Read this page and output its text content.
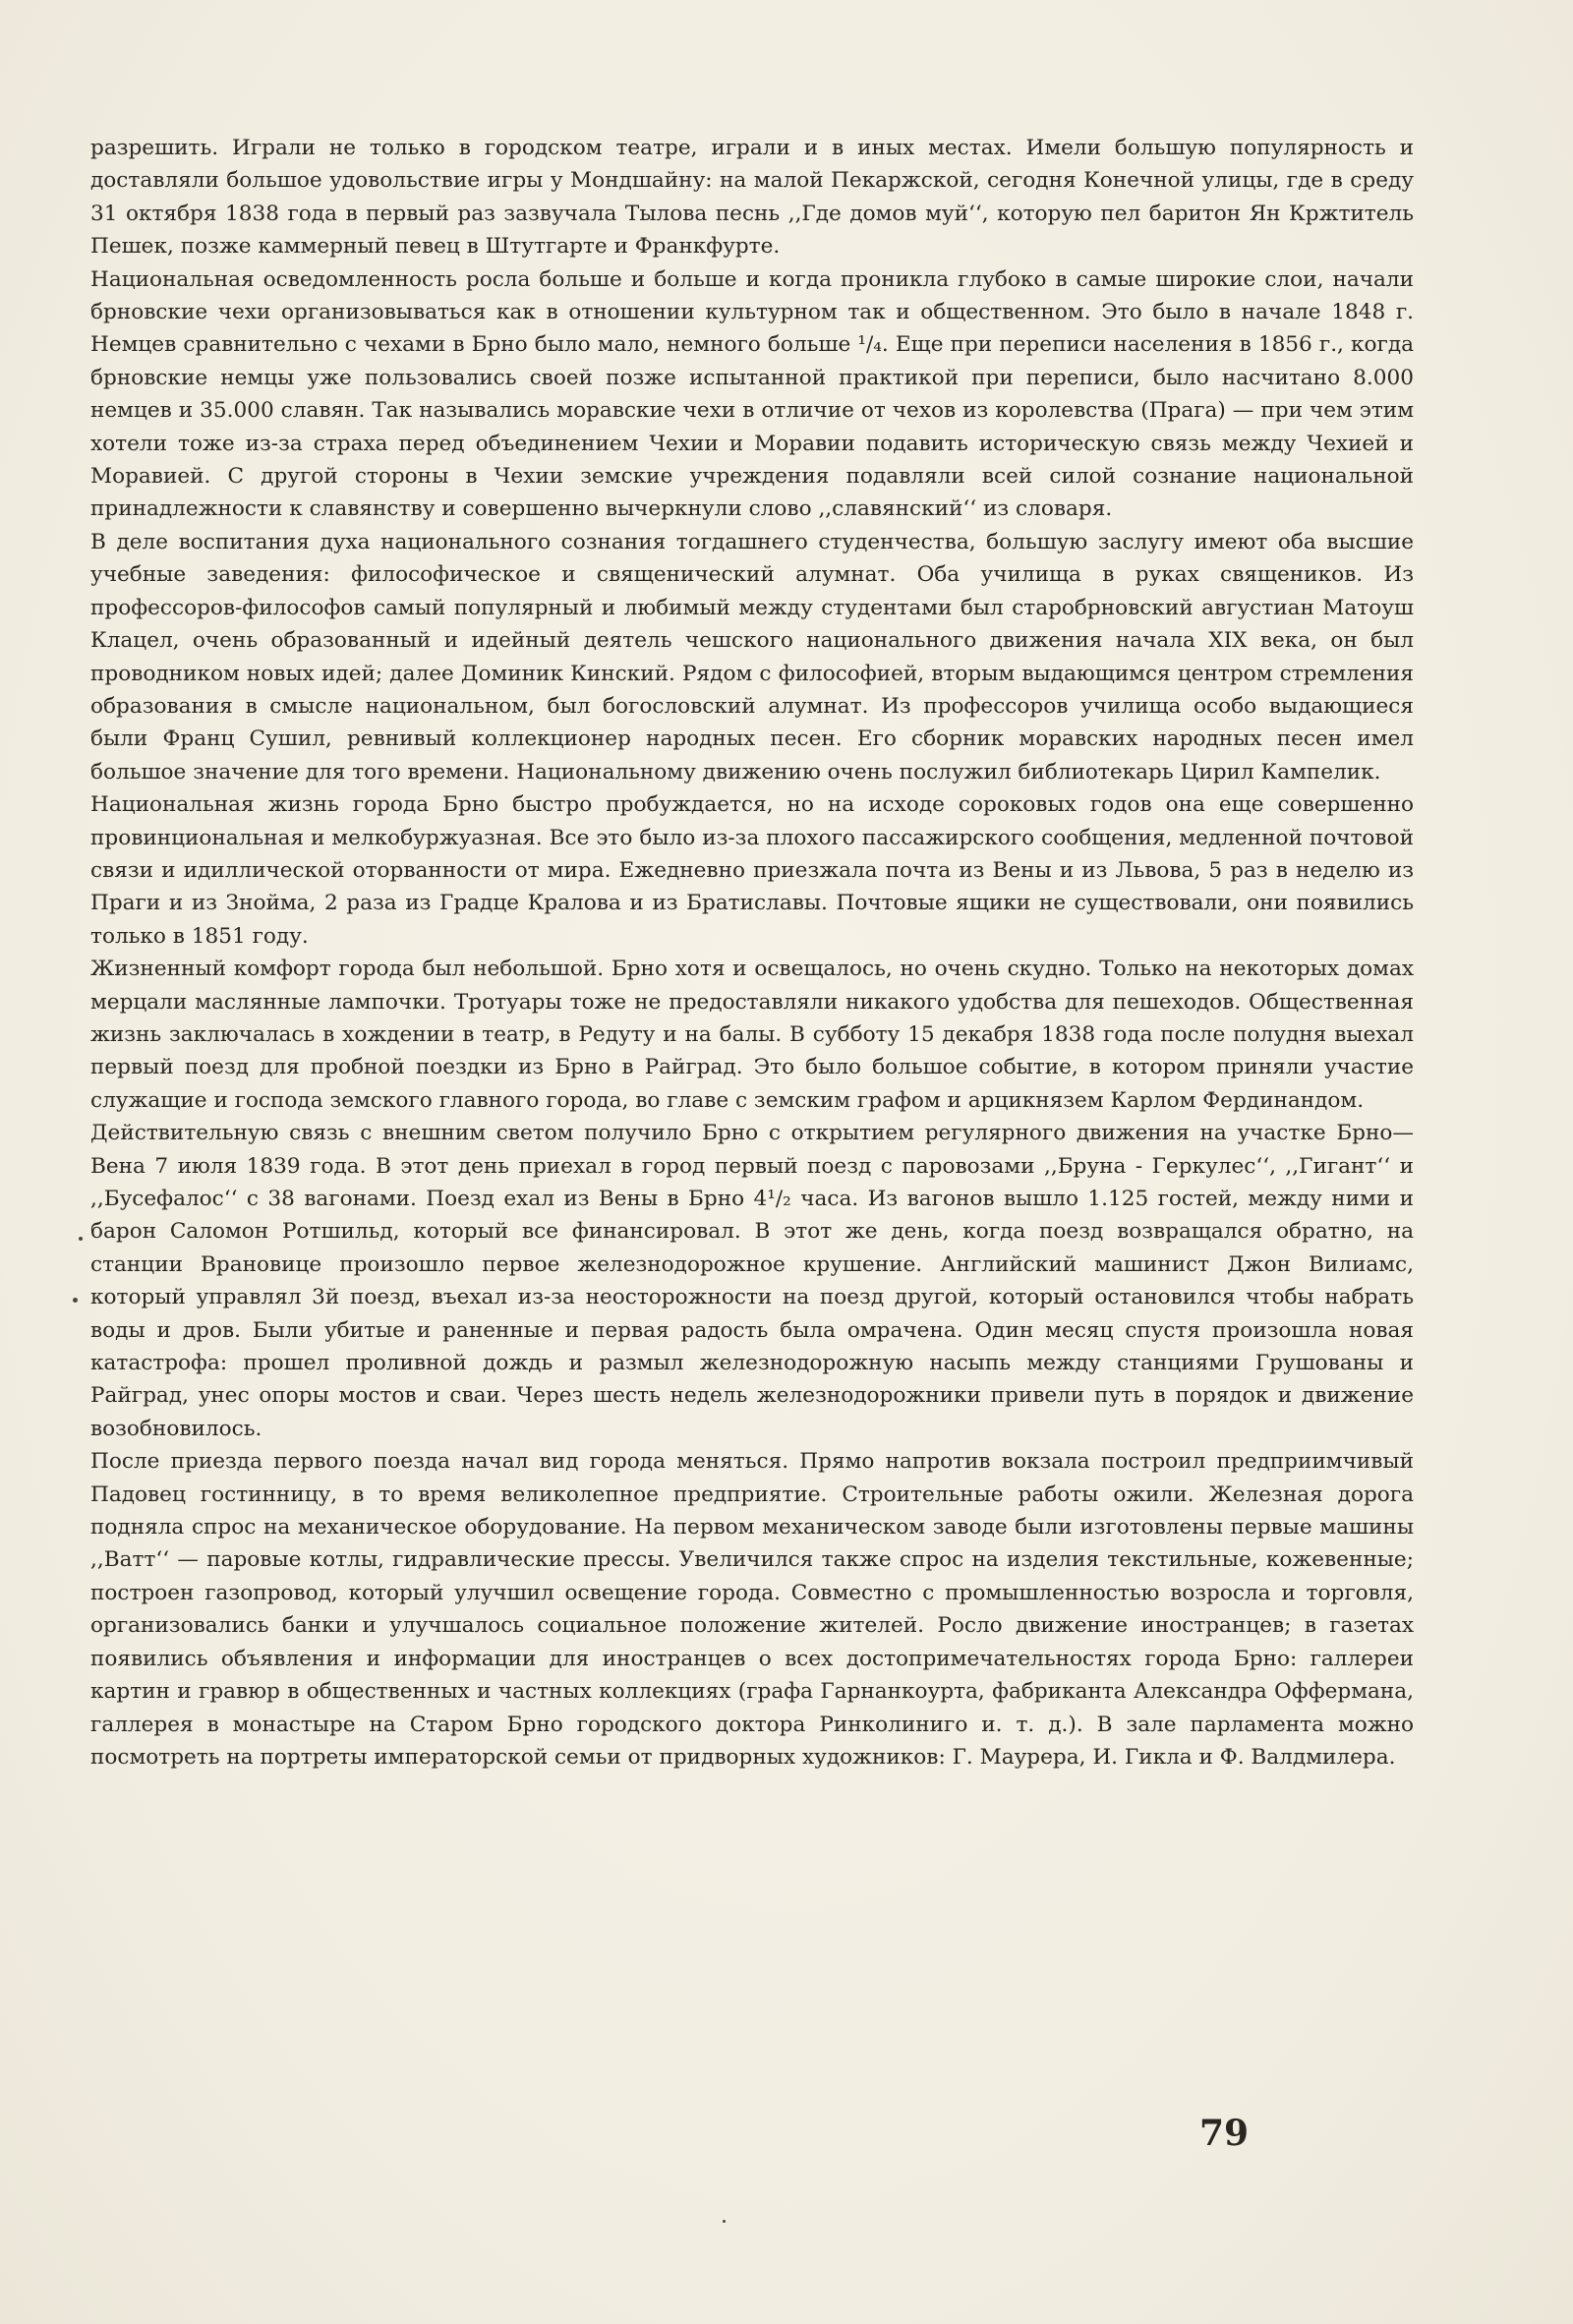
разрешить. Играли не только в городском театре, играли и в иных местах. Имели большую популярность и доставляли большое удовольствие игры у Мондшайну: на малой Пекаржской, сегодня Конечной улицы, где в среду 31 октября 1838 года в первый раз зазвучала Тылова песнь ,,Где домов муй‘‘, которую пел баритон Ян Кржтитель Пешек, позже каммерный певец в Штутгарте и Франкфурте.

Национальная осведомленность росла больше и больше и когда проникла глубоко в самые широкие слои, начали брновские чехи организовываться как в отношении культурном так и общественном. Это было в начале 1848 г. Немцев сравнительно с чехами в Брно было мало, немного больше ¹/₄. Еще при переписи населения в 1856 г., когда брновские немцы уже пользовались своей позже испытанной практикой при переписи, было насчитано 8.000 немцев и 35.000 славян. Так назывались моравские чехи в отличие от чехов из королевства (Прага) — при чем этим хотели тоже из-за страха перед объединением Чехии и Моравии подавить историческую связь между Чехией и Моравией. С другой стороны в Чехии земские учреждения подавляли всей силой сознание национальной принадлежности к славянству и совершенно вычеркнули слово ,,славянский‘‘ из словаря.

В деле воспитания духа национального сознания тогдашнего студенчества, большую заслугу имеют оба высшие учебные заведения: философическое и священический алумнат. Оба училища в руках священиков. Из профессоров-философов самый популярный и любимый между студентами был старобрновский августиан Матоуш Клацел, очень образованный и идейный деятель чешского национального движения начала XIX века, он был проводником новых идей; далее Доминик Кинский. Рядом с философией, вторым выдающимся центром стремления образования в смысле национальном, был богословский алумнат. Из профессоров училища особо выдающиеся были Франц Сушил, ревнивый коллекционер народных песен. Его сборник моравских народных песен имел большое значение для того времени. Национальному движению очень послужил библиотекарь Цирил Кампелик.

Национальная жизнь города Брно быстро пробуждается, но на исходе сороковых годов она еще совершенно провинциональная и мелкобуржуазная. Все это было из-за плохого пассажирского сообщения, медленной почтовой связи и идиллической оторванности от мира. Ежедневно приезжала почта из Вены и из Львова, 5 раз в неделю из Праги и из Знойма, 2 раза из Градце Кралова и из Братиславы. Почтовые ящики не существовали, они появились только в 1851 году.

Жизненный комфорт города был небольшой. Брно хотя и освещалось, но очень скудно. Только на некоторых домах мерцали маслянные лампочки. Тротуары тоже не предоставляли никакого удобства для пешеходов. Общественная жизнь заключалась в хождении в театр, в Редуту и на балы. В субботу 15 декабря 1838 года после полудня выехал первый поезд для пробной поездки из Брно в Райград. Это было большое событие, в котором приняли участие служащие и господа земского главного города, во главе с земским графом и арцикнязем Карлом Фердинандом.

Действительную связь с внешним светом получило Брно с открытием регулярного движения на участке Брно—Вена 7 июля 1839 года. В этот день приехал в город первый поезд с паровозами ,,Бруна - Геркулес‘‘, ,,Гигант‘‘ и ,,Бусефалос‘‘ с 38 вагонами. Поезд ехал из Вены в Брно 4¹/₂ часа. Из вагонов вышло 1.125 гостей, между ними и барон Саломон Ротшильд, который все финансировал. В этот же день, когда поезд возвращался обратно, на станции Врановице произошло первое железнодорожное крушение. Английский машинист Джон Вилиамс, который управлял 3й поезд, въехал из-за неосторожности на поезд другой, который остановился чтобы набрать воды и дров. Были убитые и раненные и первая радость была омрачена. Один месяц спустя произошла новая катастрофа: прошел проливной дождь и размыл железнодорожную насыпь между станциями Грушованы и Райград, унес опоры мостов и сваи. Через шесть недель железнодорожники привели путь в порядок и движение возобновилось.

После приезда первого поезда начал вид города меняться. Прямо напротив вокзала построил предприимчивый Падовец гостинницу, в то время великолепное предприятие. Строительные работы ожили. Железная дорога подняла спрос на механическое оборудование. На первом механическом заводе были изготовлены первые машины ,,Ватт‘‘ — паровые котлы, гидравлические прессы. Увеличился также спрос на изделия текстильные, кожевенные; построен газопровод, который улучшил освещение города. Совместно с промышленностью возросла и торговля, организовались банки и улучшалось социальное положение жителей. Росло движение иностранцев; в газетах появились объявления и информации для иностранцев о всех достопримечательностях города Брно: галлереи картин и гравюр в общественных и частных коллекциях (графа Гарнанкоурта, фабриканта Александра Оффермана, галлерея в монастыре на Старом Брно городского доктора Ринколиниго и. т. д.). В зале парламента можно посмотреть на портреты императорской семьи от придворных художников: Г. Маурера, И. Гикла и Ф. Валдмилера.

79
